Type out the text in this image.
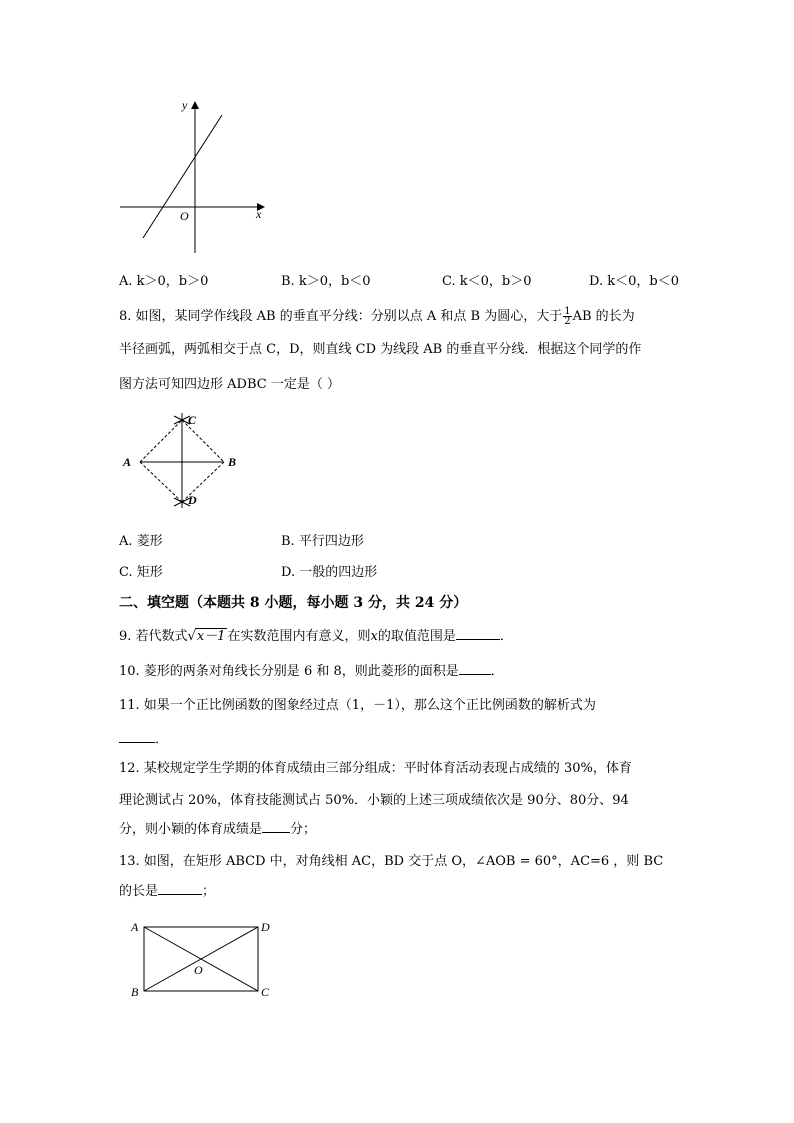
y
x
O
A. k＞0，b＞0	B. k＞0，b＜0	C. k＜0，b＞0	D. k＜0，b＜0
8. 如图，某同学作线段 AB 的垂直平分线：分别以点 A 和点 B 为圆心，大于 $\frac{1}{2}$ AB 的长为
半径画弧，两弧相交于点 C，D，则直线 CD 为线段 AB 的垂直平分线．根据这个同学的作
图方法可知四边形 ADBC 一定是（ ）
A	B
C
D
A. 菱形	B. 平行四边形
C. 矩形	D. 一般的四边形
二、填空题（本题共 8 小题，每小题 3 分，共 24 分）
9. 若代数式√x－1 在实数范围内有意义，则x的取值范围是	．
10. 菱形的两条对角线长分别是 6 和 8，则此菱形的面积是 ．
11. 如果一个正比例函数的图象经过点（1，－1），那么这个正比例函数的解析式为
．
12. 某校规定学生学期的体育成绩由三部分组成：平时体育活动表现占成绩的 30%，体育
理论测试占 20%，体育技能测试占 50%．小颖的上述三项成绩依次是 90分、80分、94
分，则小颖的体育成绩是 分；
13. 如图，在矩形 ABCD 中，对角线相 AC，BD 交于点 O，∠AOB = 60°，AC=6 ，则 BC
的长是	；
A	D
B	C
O
